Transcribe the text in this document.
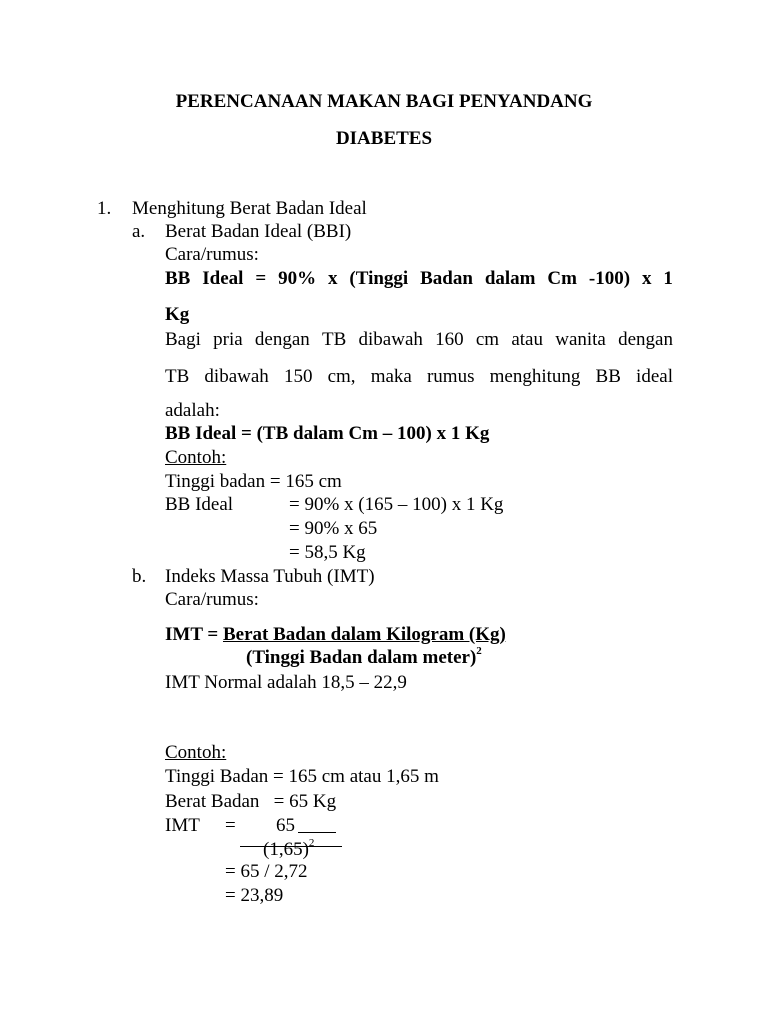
PERENCANAAN MAKAN BAGI PENYANDANG
DIABETES
1. Menghitung Berat Badan Ideal
a. Berat Badan Ideal (BBI)
Cara/rumus:
BB Ideal = 90% x (Tinggi Badan dalam Cm -100) x 1
Kg
Bagi pria dengan TB dibawah 160 cm atau wanita dengan
TB dibawah 150 cm, maka rumus menghitung BB ideal
adalah:
BB Ideal = (TB dalam Cm – 100) x 1 Kg
Contoh:
Tinggi badan = 165 cm
BB Ideal	= 90% x (165 – 100) x 1 Kg
= 90% x 65
= 58,5 Kg
b. Indeks Massa Tubuh (IMT)
Cara/rumus:
IMT = Berat Badan dalam Kilogram (Kg)
(Tinggi Badan dalam meter)$^2$
IMT Normal adalah 18,5 – 22,9
Contoh:
Tinggi Badan = 165 cm atau 1,65 m
Berat Badan   = 65 Kg
IMT = 65
$(1,65)^2$
= 65 / 2,72
= 23,89
